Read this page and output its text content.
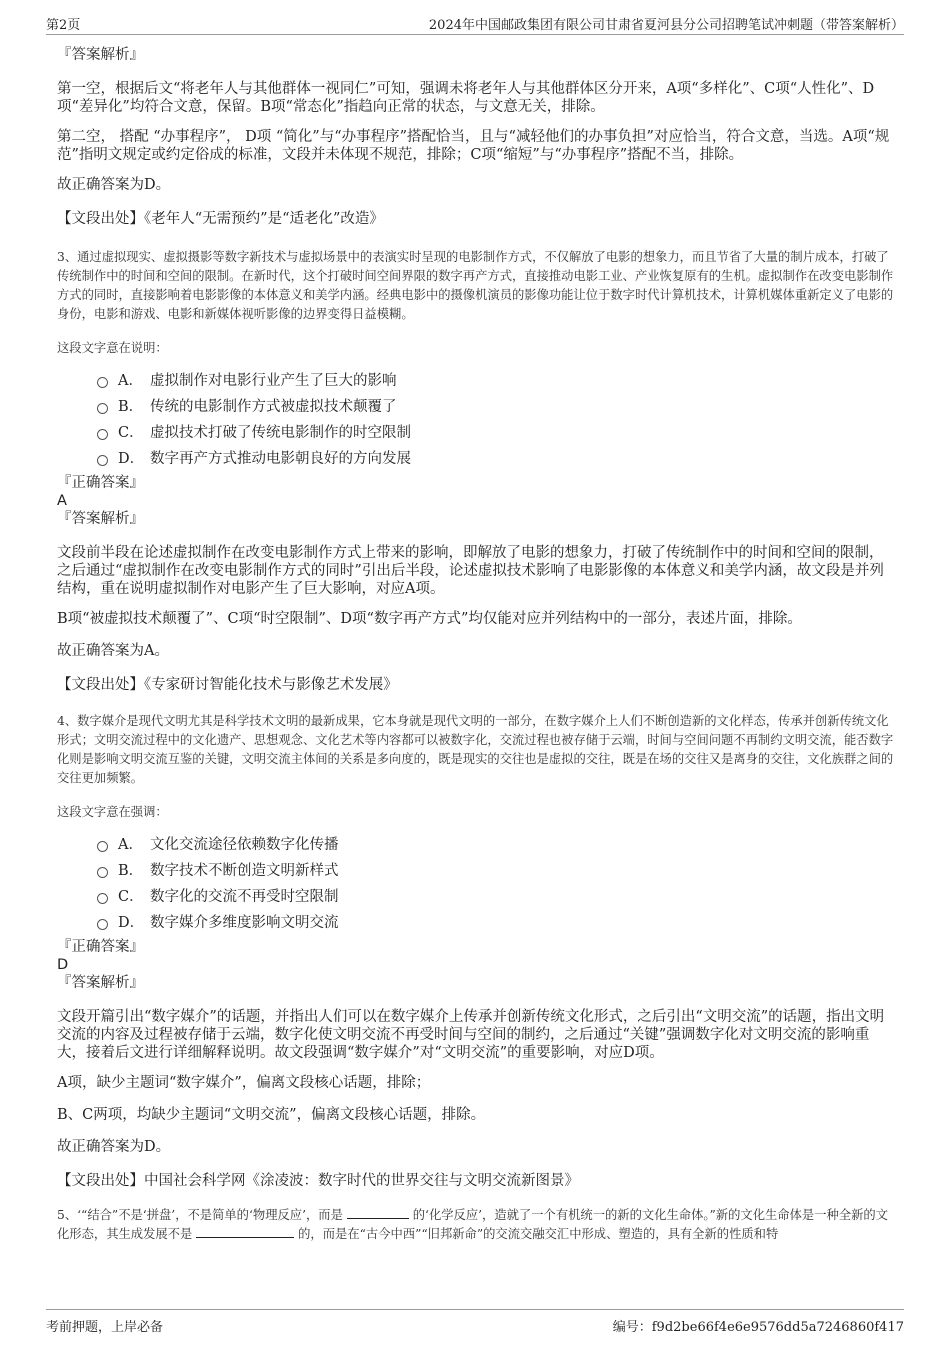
第2页	2024年中国邮政集团有限公司甘肃省夏河县分公司招聘笔试冲刺题（带答案解析）

『答案解析』

第一空，根据后文“将老年人与其他群体一视同仁”可知，强调未将老年人与其他群体区分开来，A项“多样化”、C项“人性化”、D项“差异化”均符合文意，保留。B项“常态化”指趋向正常的状态，与文意无关，排除。

第二空， 搭配 “办事程序”， D项 “简化”与“办事程序”搭配恰当，且与“减轻他们的办事负担”对应恰当，符合文意，当选。A项“规范”指明文规定或约定俗成的标准，文段并未体现不规范，排除；C项“缩短”与“办事程序”搭配不当，排除。

故正确答案为D。

【文段出处】《老年人“无需预约”是“适老化”改造》

3、通过虚拟现实、虚拟摄影等数字新技术与虚拟场景中的表演实时呈现的电影制作方式，不仅解放了电影的想象力，而且节省了大量的制片成本，打破了传统制作中的时间和空间的限制。在新时代，这个打破时间空间界限的数字再产方式，直接推动电影工业、产业恢复原有的生机。虚拟制作在改变电影制作方式的同时，直接影响着电影影像的本体意义和美学内涵。经典电影中的摄像机演员的影像功能让位于数字时代计算机技术，计算机媒体重新定义了电影的身份，电影和游戏、电影和新媒体视听影像的边界变得日益模糊。

这段文字意在说明：

A． 虚拟制作对电影行业产生了巨大的影响
B． 传统的电影制作方式被虚拟技术颠覆了
C． 虚拟技术打破了传统电影制作的时空限制
D． 数字再产方式推动电影朝良好的方向发展

『正确答案』

A

『答案解析』

文段前半段在论述虚拟制作在改变电影制作方式上带来的影响，即解放了电影的想象力，打破了传统制作中的时间和空间的限制，之后通过“虚拟制作在改变电影制作方式的同时”引出后半段，论述虚拟技术影响了电影影像的本体意义和美学内涵，故文段是并列结构，重在说明虚拟制作对电影产生了巨大影响，对应A项。

B项“被虚拟技术颠覆了”、C项“时空限制”、D项“数字再产方式”均仅能对应并列结构中的一部分，表述片面，排除。

故正确答案为A。

【文段出处】《专家研讨智能化技术与影像艺术发展》

4、数字媒介是现代文明尤其是科学技术文明的最新成果，它本身就是现代文明的一部分，在数字媒介上人们不断创造新的文化样态，传承并创新传统文化形式；文明交流过程中的文化遗产、思想观念、文化艺术等内容都可以被数字化，交流过程也被存储于云端，时间与空间问题不再制约文明交流，能否数字化则是影响文明交流互鉴的关键，文明交流主体间的关系是多向度的，既是现实的交往也是虚拟的交往，既是在场的交往又是离身的交往，文化族群之间的交往更加频繁。

这段文字意在强调：

A． 文化交流途径依赖数字化传播
B． 数字技术不断创造文明新样式
C． 数字化的交流不再受时空限制
D． 数字媒介多维度影响文明交流

『正确答案』

D

『答案解析』

文段开篇引出“数字媒介”的话题，并指出人们可以在数字媒介上传承并创新传统文化形式，之后引出“文明交流”的话题，指出文明交流的内容及过程被存储于云端，数字化使文明交流不再受时间与空间的制约，之后通过“关键”强调数字化对文明交流的影响重大，接着后文进行详细解释说明。故文段强调“数字媒介”对“文明交流”的重要影响，对应D项。

A项，缺少主题词“数字媒介”，偏离文段核心话题，排除；

B、C两项，均缺少主题词“文明交流”，偏离文段核心话题，排除。

故正确答案为D。

【文段出处】中国社会科学网《涂凌波：数字时代的世界交往与文明交流新图景》

5、‘“结合”不是‘拼盘’，不是简单的‘物理反应’，而是	的‘化学反应’，造就了一个有机统一的新的文化生命体。”新的文化生命体是一种全新的文化形态，其生成发展不是	的，而是在“古今中西”“旧邦新命”的交流交融交汇中形成、塑造的，具有全新的性质和特

考前押题，上岸必备	编号：f9d2be66f4e6e9576dd5a7246860f417
